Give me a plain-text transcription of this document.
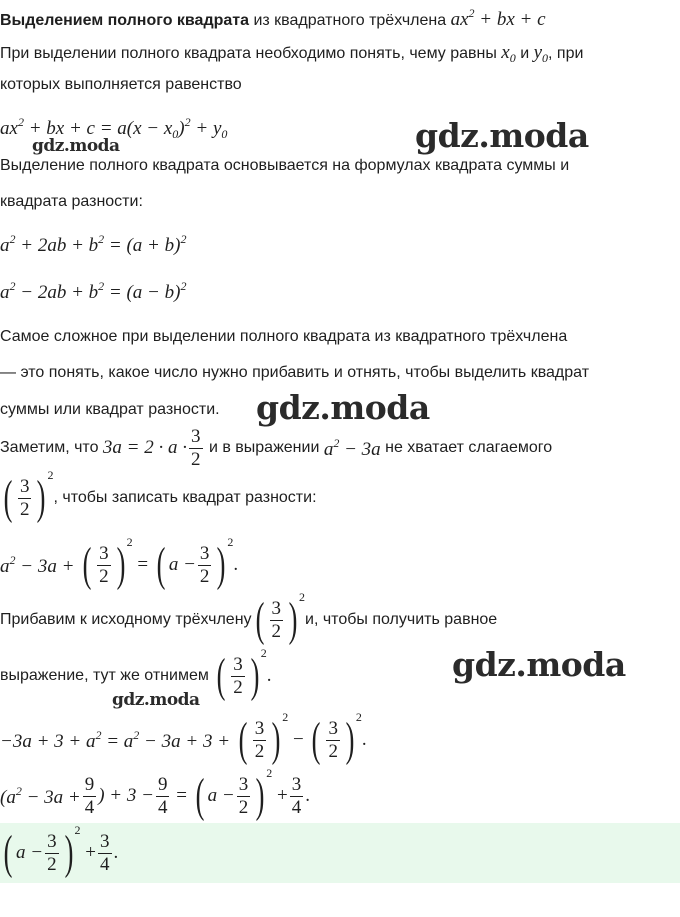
Выделением полного квадрата из квадратного трёхчлена $ax^2$ + bx + c
При выделении полного квадрата необходимо понять, чему равны $x_0$ и $y_0$, при
которых выполняется равенство
$ax^2$ + bx + $c = a(x - x_0)^2 + y_0$
Выделение полного квадрата основывается на формулах квадрата суммы и
квадрата разности:
$a^2 + 2ab + b^2 = (a + b)^2$
$a^2 - 2ab + b^2 = (a - b)^2$
Самое сложное при выделении полного квадрата из квадратного трёхчлена
— это понять, какое число нужно прибавить и отнять, чтобы выделить квадрат
суммы или квадрат разности.
Заметим, что
$3a = 2 \cdot a \cdot \frac{3}{2}$
и в выражении
$a^2 - 3a$
не хватает слагаемого
( $\frac{3}{2}$ ) 2
, чтобы записать квадрат разности:
$a^2 - 3a$ + ( $\frac{3}{2}$ ) 2
= ( $a - \frac{3}{2}$ ) 2
.
Прибавим к исходному трёхчлену ( $\frac{3}{2}$ ) 2
и, чтобы получить равное
выражение, тут же отнимем
( $\frac{3}{2}$ ) 2
.
$-3a + 3 + a^2 = a^2 - 3a + 3$ + ( $\frac{3}{2}$ ) 2
− ( $\frac{3}{2}$ ) 2
.
($a^2 - 3a + \frac{9}{4}$ ) + $3 - \frac{9}{4}$ = ( $a - \frac{3}{2}$ ) 2
+ $\frac{3}{4}$ .
( $a - \frac{3}{2}$ ) 2
+ $\frac{3}{4}$ .
gdz.moda
gdz.moda
gdz.moda
gdz.moda
gdz.moda
